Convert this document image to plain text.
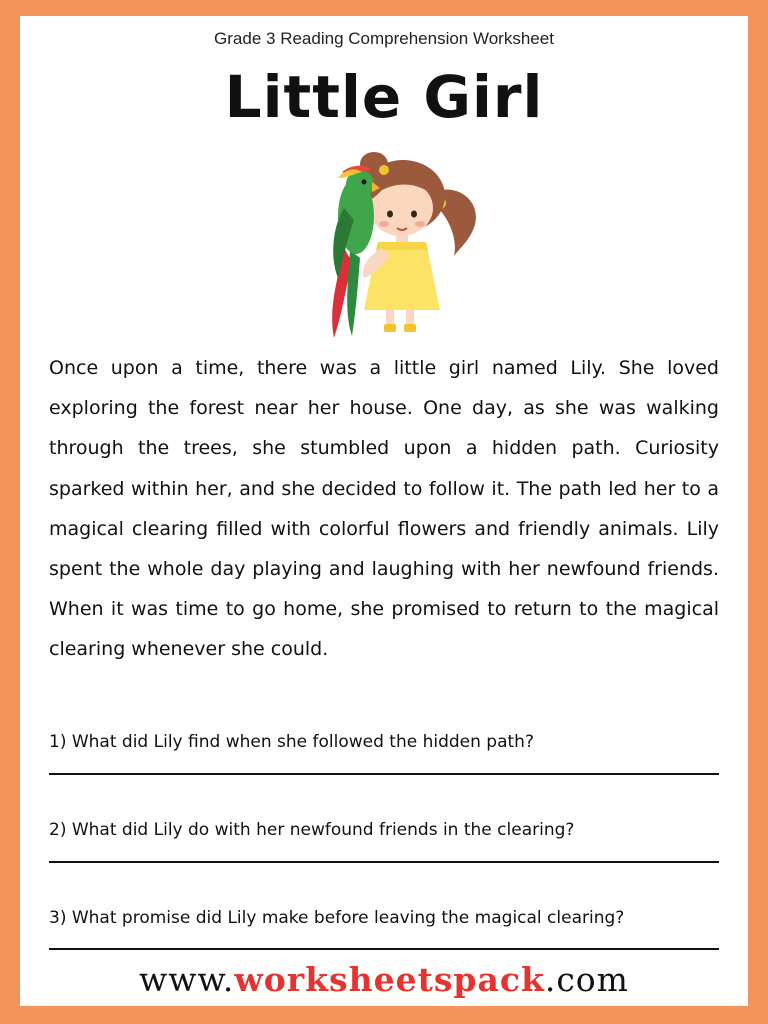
Grade 3 Reading Comprehension Worksheet
Little Girl
Once upon a time, there was a little girl named Lily. She loved exploring the forest near her house. One day, as she was walking through the trees, she stumbled upon a hidden path. Curiosity sparked within her, and she decided to follow it. The path led her to a magical clearing filled with colorful flowers and friendly animals. Lily spent the whole day playing and laughing with her newfound friends. When it was time to go home, she promised to return to the magical clearing whenever she could.
1) What did Lily find when she followed the hidden path?
2) What did Lily do with her newfound friends in the clearing?
3) What promise did Lily make before leaving the magical clearing?
www.worksheetspack.com
